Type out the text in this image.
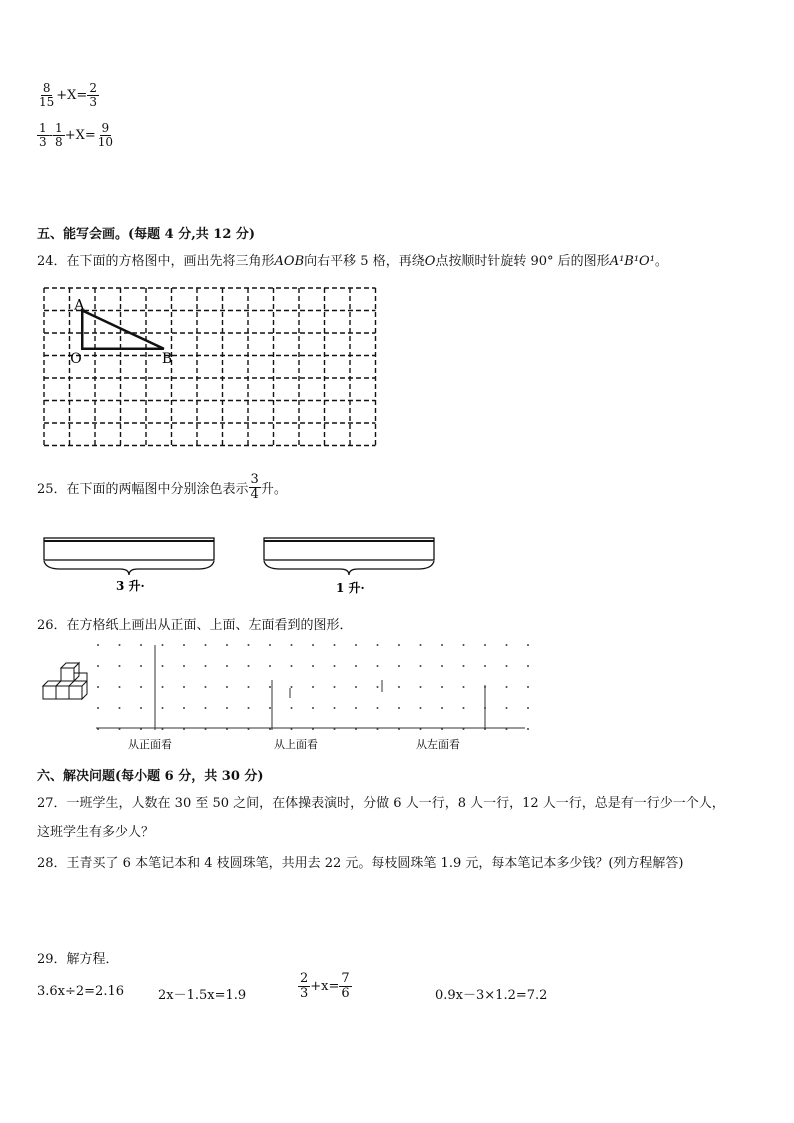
$\frac{8}{15} +X= \frac{2}{3}$
$\frac{1}{3} - \frac{1}{8} +X= \frac{9}{10}$
五、能写会画。(每题 4 分,共 12 分)
24．在下面的方格图中，画出先将三角形AOB向右平移 5 格，再绕O点按顺时针旋转 90° 后的图形A¹B¹O¹。
A
O	B
25．在下面的两幅图中分别涂色表示 $\frac{3}{4}$ 升。
3 升·	1 升·
26．在方格纸上画出从正面、上面、左面看到的图形．
从正面看	从上面看	从左面看
六、解决问题(每小题 6 分，共 30 分)
27．一班学生，人数在 30 至 50 之间，在体操表演时，分做 6 人一行，8 人一行，12 人一行，总是有一行少一个人，
这班学生有多少人？
28．王青买了 6 本笔记本和 4 枝圆珠笔，共用去 22 元。每枝圆珠笔 1.9 元，每本笔记本多少钱？(列方程解答)
29．解方程．
3.6x÷2=2.16	2x－1.5x=1.9	$\frac{2}{3} +x= \frac{7}{6}$	0.9x－3×1.2=7.2
